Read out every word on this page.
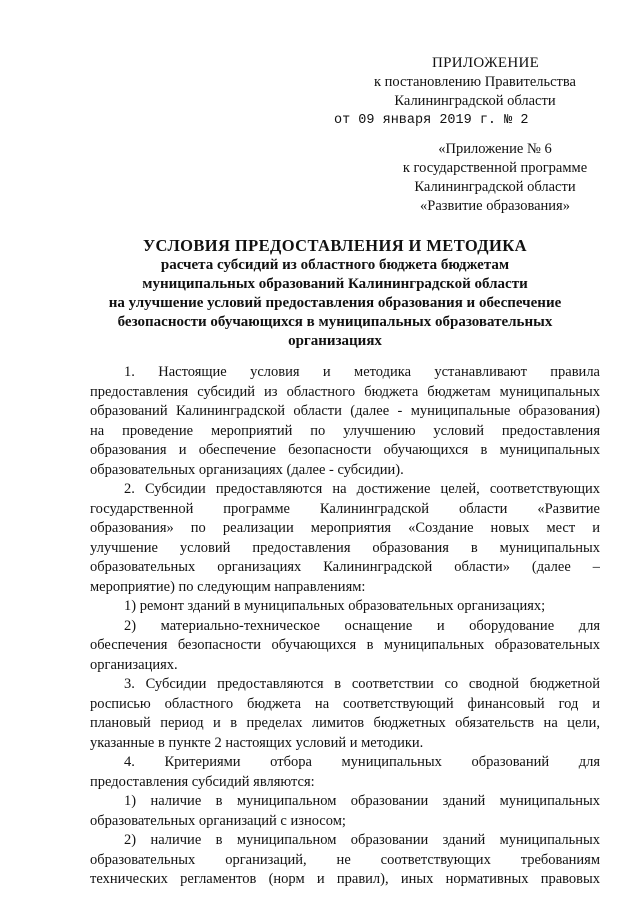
ПРИЛОЖЕНИЕ
к постановлению Правительства
Калининградской области
от 09 января 2019 г. № 2
«Приложение № 6
к государственной программе
Калининградской области
«Развитие образования»
УСЛОВИЯ ПРЕДОСТАВЛЕНИЯ И МЕТОДИКА
расчета субсидий из областного бюджета бюджетам
муниципальных образований Калининградской области
на улучшение условий предоставления образования и обеспечение
безопасности обучающихся в муниципальных образовательных
организациях
1. Настоящие условия и методика устанавливают правила
предоставления субсидий из областного бюджета бюджетам муниципальных
образований Калининградской области (далее - муниципальные образования)
на проведение мероприятий по улучшению условий предоставления
образования и обеспечение безопасности обучающихся в муниципальных
образовательных организациях (далее - субсидии).
2. Субсидии предоставляются на достижение целей, соответствующих
государственной программе Калининградской области «Развитие
образования» по реализации мероприятия «Создание новых мест и
улучшение условий предоставления образования в муниципальных
образовательных организациях Калининградской области» (далее –
мероприятие) по следующим направлениям:
1) ремонт зданий в муниципальных образовательных организациях;
2) материально-техническое оснащение и оборудование для
обеспечения безопасности обучающихся в муниципальных образовательных
организациях.
3. Субсидии предоставляются в соответствии со сводной бюджетной
росписью областного бюджета на соответствующий финансовый год и
плановый период и в пределах лимитов бюджетных обязательств на цели,
указанные в пункте 2 настоящих условий и методики.
4. Критериями отбора муниципальных образований для
предоставления субсидий являются:
1) наличие в муниципальном образовании зданий муниципальных
образовательных организаций с износом;
2) наличие в муниципальном образовании зданий муниципальных
образовательных организаций, не соответствующих требованиям
технических регламентов (норм и правил), иных нормативных правовых
